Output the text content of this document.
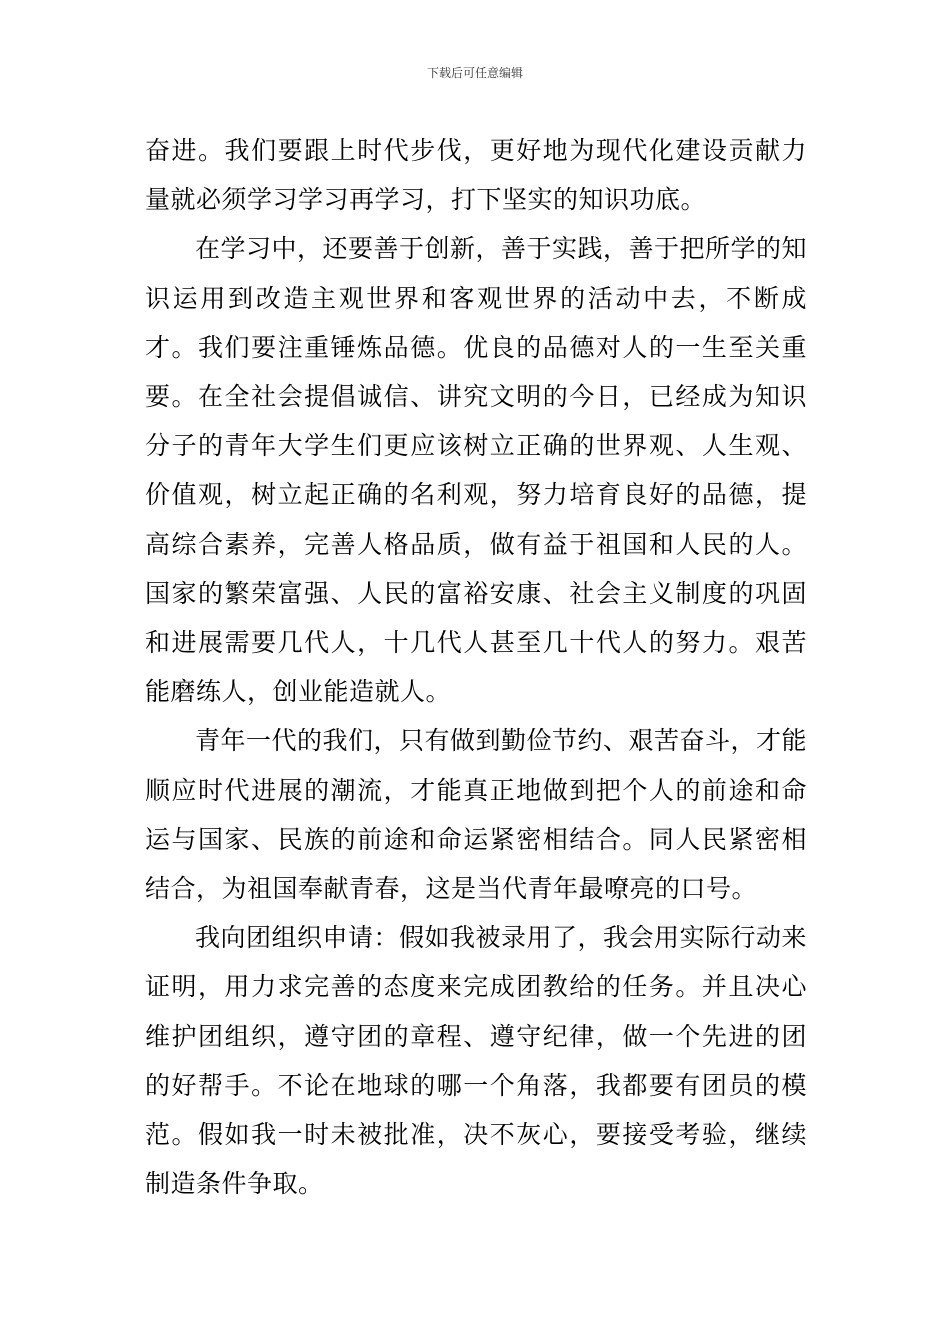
下载后可任意编辑

奋进。我们要跟上时代步伐，更好地为现代化建设贡献力量就必须学习学习再学习，打下坚实的知识功底。

在学习中，还要善于创新，善于实践，善于把所学的知识运用到改造主观世界和客观世界的活动中去，不断成才。我们要注重锤炼品德。优良的品德对人的一生至关重要。在全社会提倡诚信、讲究文明的今日，已经成为知识分子的青年大学生们更应该树立正确的世界观、人生观、价值观，树立起正确的名利观，努力培育良好的品德，提高综合素养，完善人格品质，做有益于祖国和人民的人。国家的繁荣富强、人民的富裕安康、社会主义制度的巩固和进展需要几代人，十几代人甚至几十代人的努力。艰苦能磨练人，创业能造就人。

青年一代的我们，只有做到勤俭节约、艰苦奋斗，才能顺应时代进展的潮流，才能真正地做到把个人的前途和命运与国家、民族的前途和命运紧密相结合。同人民紧密相结合，为祖国奉献青春，这是当代青年最嘹亮的口号。

我向团组织申请：假如我被录用了，我会用实际行动来证明，用力求完善的态度来完成团教给的任务。并且决心维护团组织，遵守团的章程、遵守纪律，做一个先进的团的好帮手。不论在地球的哪一个角落，我都要有团员的模范。假如我一时未被批准，决不灰心，要接受考验，继续制造条件争取。
